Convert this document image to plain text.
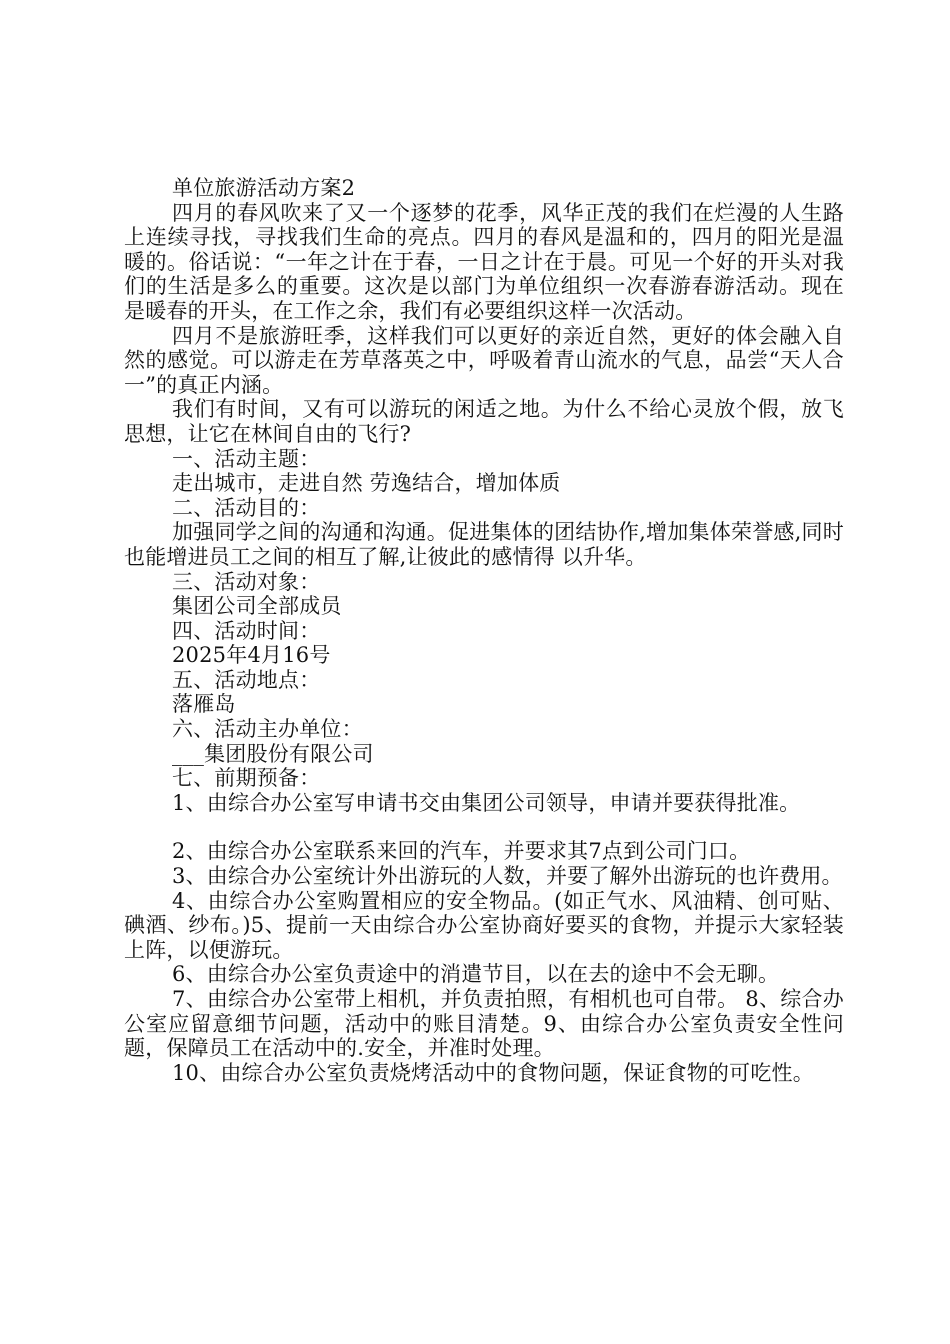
单位旅游活动方案2

四月的春风吹来了又一个逐梦的花季，风华正茂的我们在烂漫的人生路上连续寻找，寻找我们生命的亮点。四月的春风是温和的，四月的阳光是温暖的。俗话说：“一年之计在于春，一日之计在于晨。可见一个好的开头对我们的生活是多么的重要。这次是以部门为单位组织一次春游春游活动。现在是暖春的开头，在工作之余，我们有必要组织这样一次活动。

四月不是旅游旺季，这样我们可以更好的亲近自然，更好的体会融入自然的感觉。可以游走在芳草落英之中，呼吸着青山流水的气息，品尝“天人合一”的真正内涵。

我们有时间，又有可以游玩的闲适之地。为什么不给心灵放个假，放飞思想，让它在林间自由的飞行?

一、活动主题：

走出城市，走进自然 劳逸结合，增加体质

二、活动目的：

加强同学之间的沟通和沟通。促进集体的团结协作,增加集体荣誉感,同时也能增进员工之间的相互了解,让彼此的感情得 以升华。

三、活动对象：

集团公司全部成员

四、活动时间：

2025年4月16号

五、活动地点：

落雁岛

六、活动主办单位：

___集团股份有限公司

七、前期预备：

1、由综合办公室写申请书交由集团公司领导，申请并要获得批准。

2、由综合办公室联系来回的汽车，并要求其7点到公司门口。

3、由综合办公室统计外出游玩的人数，并要了解外出游玩的也许费用。

4、由综合办公室购置相应的安全物品。(如正气水、风油精、创可贴、碘酒、纱布。)5、提前一天由综合办公室协商好要买的食物，并提示大家轻装上阵，以便游玩。

6、由综合办公室负责途中的消遣节目，以在去的途中不会无聊。

7、由综合办公室带上相机，并负责拍照，有相机也可自带。 8、综合办公室应留意细节问题，活动中的账目清楚。9、由综合办公室负责安全性问题，保障员工在活动中的.安全，并准时处理。

10、由综合办公室负责烧烤活动中的食物问题，保证食物的可吃性。
